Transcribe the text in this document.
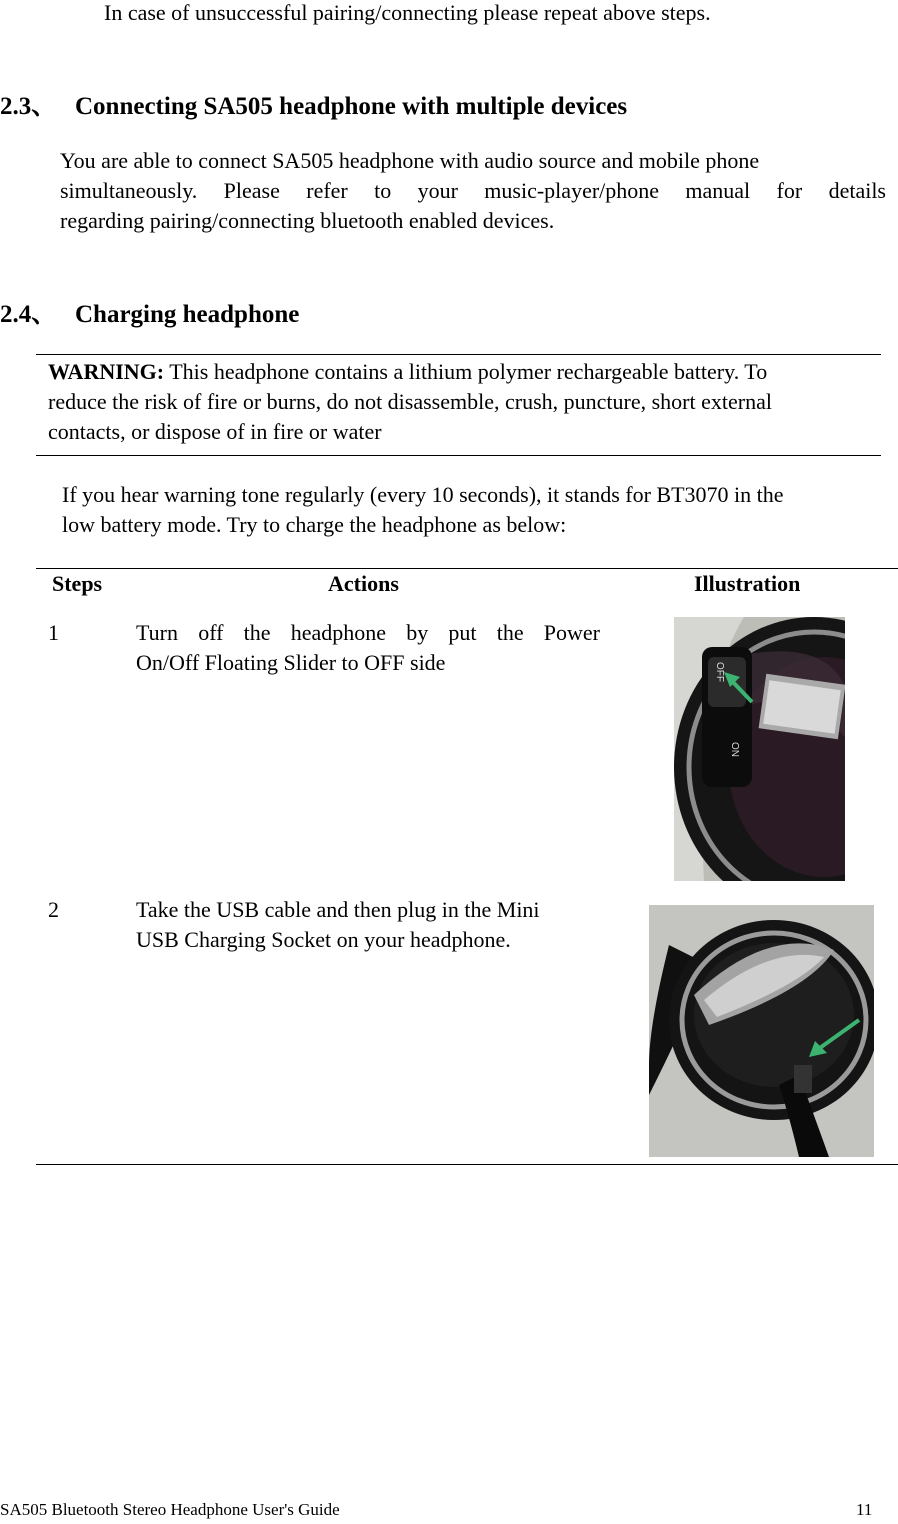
In case of unsuccessful pairing/connecting please repeat above steps.
2.3、 Connecting SA505 headphone with multiple devices
You are able to connect SA505 headphone with audio source and mobile phone
simultaneously. Please refer to your music-player/phone manual for details
regarding pairing/connecting bluetooth enabled devices.
2.4、 Charging headphone
WARNING: This headphone contains a lithium polymer rechargeable battery. To
reduce the risk of fire or burns, do not disassemble, crush, puncture, short external
contacts, or dispose of in fire or water
If you hear warning tone regularly (every 10 seconds), it stands for BT3070 in the
low battery mode. Try to charge the headphone as below:
Steps	Actions	Illustration
1	Turn off the headphone by put the Power
On/Off Floating Slider to OFF side	OFF
ON
2	Take the USB cable and then plug in the Mini
USB Charging Socket on your headphone.
SA505 Bluetooth Stereo Headphone User's Guide	11
